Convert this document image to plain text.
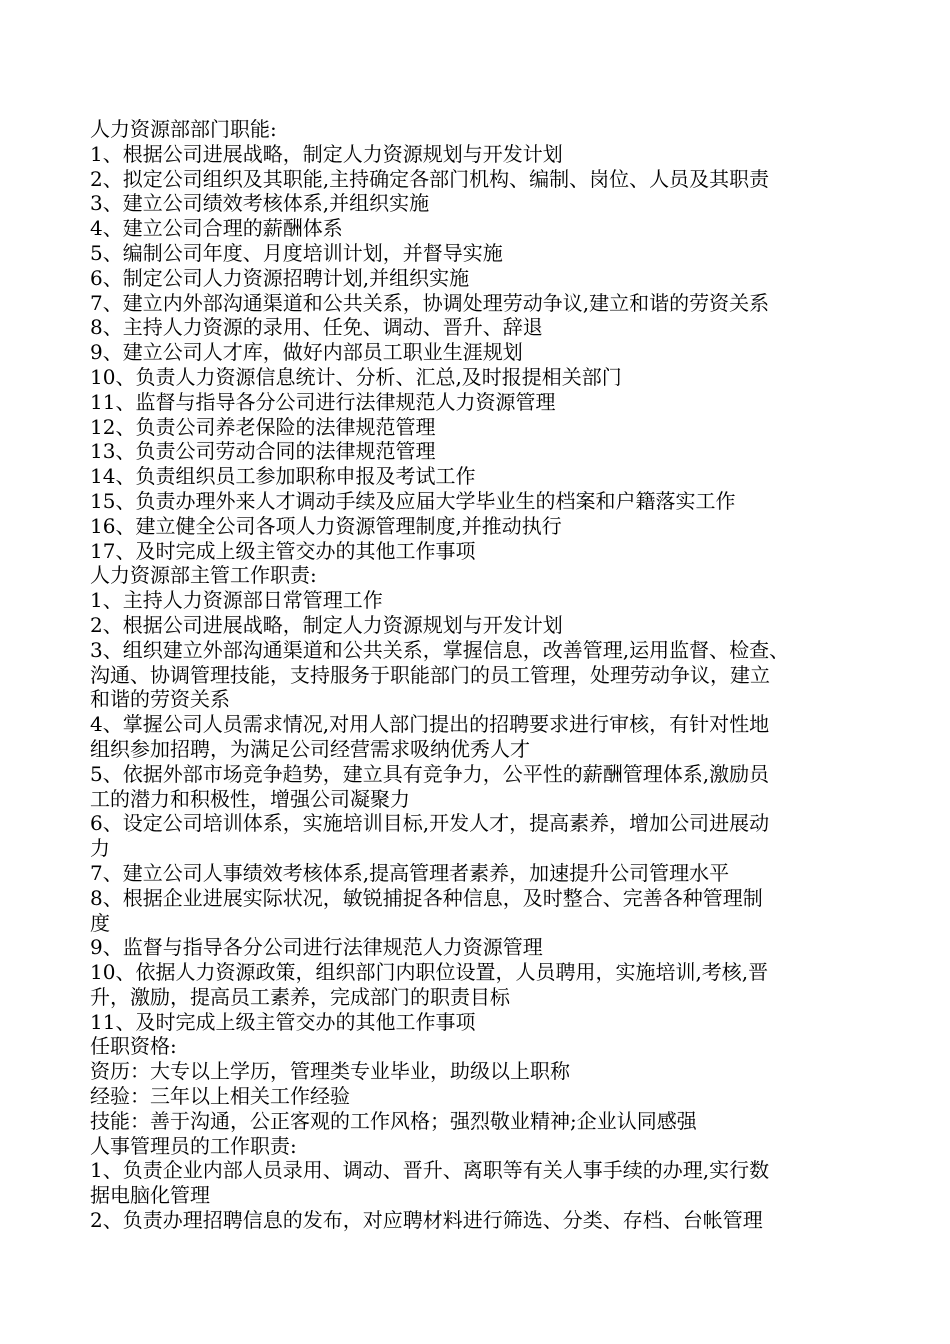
人力资源部部门职能:
1、根据公司进展战略，制定人力资源规划与开发计划
2、拟定公司组织及其职能,主持确定各部门机构、编制、岗位、人员及其职责
3、建立公司绩效考核体系,并组织实施
4、建立公司合理的薪酬体系
5、编制公司年度、月度培训计划，并督导实施
6、制定公司人力资源招聘计划,并组织实施
7、建立内外部沟通渠道和公共关系，协调处理劳动争议,建立和谐的劳资关系
8、主持人力资源的录用、任免、调动、晋升、辞退
9、建立公司人才库，做好内部员工职业生涯规划
10、负责人力资源信息统计、分析、汇总,及时报提相关部门
11、监督与指导各分公司进行法律规范人力资源管理
12、负责公司养老保险的法律规范管理
13、负责公司劳动合同的法律规范管理
14、负责组织员工参加职称申报及考试工作
15、负责办理外来人才调动手续及应届大学毕业生的档案和户籍落实工作
16、建立健全公司各项人力资源管理制度,并推动执行
17、及时完成上级主管交办的其他工作事项
人力资源部主管工作职责:
1、主持人力资源部日常管理工作
2、根据公司进展战略，制定人力资源规划与开发计划
3、组织建立外部沟通渠道和公共关系，掌握信息，改善管理,运用监督、检查、
沟通、协调管理技能，支持服务于职能部门的员工管理，处理劳动争议，建立
和谐的劳资关系
4、掌握公司人员需求情况,对用人部门提出的招聘要求进行审核，有针对性地
组织参加招聘，为满足公司经营需求吸纳优秀人才
5、依据外部市场竞争趋势，建立具有竞争力，公平性的薪酬管理体系,激励员
工的潜力和积极性，增强公司凝聚力
6、设定公司培训体系，实施培训目标,开发人才，提高素养，增加公司进展动
力
7、建立公司人事绩效考核体系,提高管理者素养，加速提升公司管理水平
8、根据企业进展实际状况，敏锐捕捉各种信息，及时整合、完善各种管理制
度
9、监督与指导各分公司进行法律规范人力资源管理
10、依据人力资源政策，组织部门内职位设置，人员聘用，实施培训,考核,晋
升，激励，提高员工素养，完成部门的职责目标
11、及时完成上级主管交办的其他工作事项
任职资格:
资历：大专以上学历，管理类专业毕业，助级以上职称
经验：三年以上相关工作经验
技能：善于沟通，公正客观的工作风格；强烈敬业精神;企业认同感强
人事管理员的工作职责:
1、负责企业内部人员录用、调动、晋升、离职等有关人事手续的办理,实行数
据电脑化管理
2、负责办理招聘信息的发布，对应聘材料进行筛选、分类、存档、台帐管理
